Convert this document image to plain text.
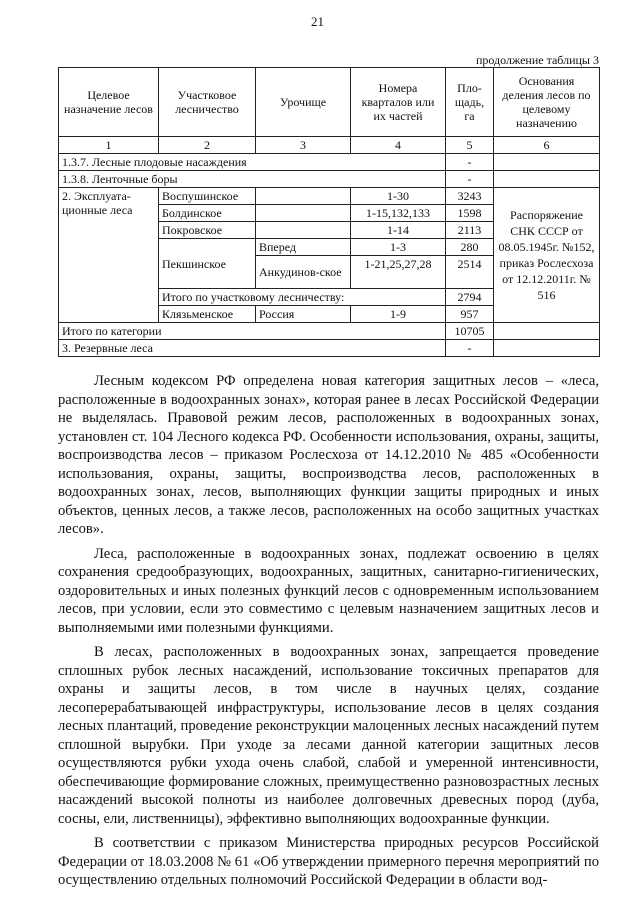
21
продолжение таблицы 3
Целевое назначение лесов	Участковое лесничество	Урочище	Номера кварталов или их частей	Пло-щадь, га	Основания деления лесов по целевому назначению
1	2	3	4	5	6
1.3.7. Лесные плодовые насаждения				-	
1.3.8. Ленточные боры				-	
2. Эксплуата-ционные леса	Воспушинское		1-30	3243	Распоряжение СНК СССР от 08.05.1945г. №152, приказ Рослесхоза от 12.12.2011г. № 516
	Болдинское		1-15,132,133	1598	
	Покровское		1-14	2113	
	Пекшинское	Вперед	1-3	280	
		Анкудинов-ское	1-21,25,27,28	2514	
	Итого по участковому лесничеству:			2794	
	Клязьменское	Россия	1-9	957	
Итого по категории				10705	
3. Резервные леса				-	

Лесным кодексом РФ определена новая категория защитных лесов – «леса, расположенные в водоохранных зонах», которая ранее в лесах Российской Федерации не выделялась. Правовой режим лесов, расположенных в водоохранных зонах, установлен ст. 104 Лесного кодекса РФ. Особенности использования, охраны, защиты, воспроизводства лесов – приказом Рослесхоза от 14.12.2010 № 485 «Особенности использования, охраны, защиты, воспроизводства лесов, расположенных в водоохранных зонах, лесов, выполняющих функции защиты природных и иных объектов, ценных лесов, а также лесов, расположенных на особо защитных участках лесов».

Леса, расположенные в водоохранных зонах, подлежат освоению в целях сохранения средообразующих, водоохранных, защитных, санитарно-гигиенических, оздоровительных и иных полезных функций лесов с одновременным использованием лесов, при условии, если это совместимо с целевым назначением защитных лесов и выполняемыми ими полезными функциями.

В лесах, расположенных в водоохранных зонах, запрещается проведение сплошных рубок лесных насаждений, использование токсичных препаратов для охраны и защиты лесов, в том числе в научных целях, создание лесоперерабатывающей инфраструктуры, использование лесов в целях создания лесных плантаций, проведение реконструкции малоценных лесных насаждений путем сплошной вырубки. При уходе за лесами данной категории защитных лесов осуществляются рубки ухода очень слабой, слабой и умеренной интенсивности, обеспечивающие формирование сложных, преимущественно разновозрастных лесных насаждений высокой полноты из наиболее долговечных древесных пород (дуба, сосны, ели, лиственницы), эффективно выполняющих водоохранные функции.

В соответствии с приказом Министерства природных ресурсов Российской Федерации от 18.03.2008 № 61 «Об утверждении примерного перечня мероприятий по осуществлению отдельных полномочий Российской Федерации в области вод-
